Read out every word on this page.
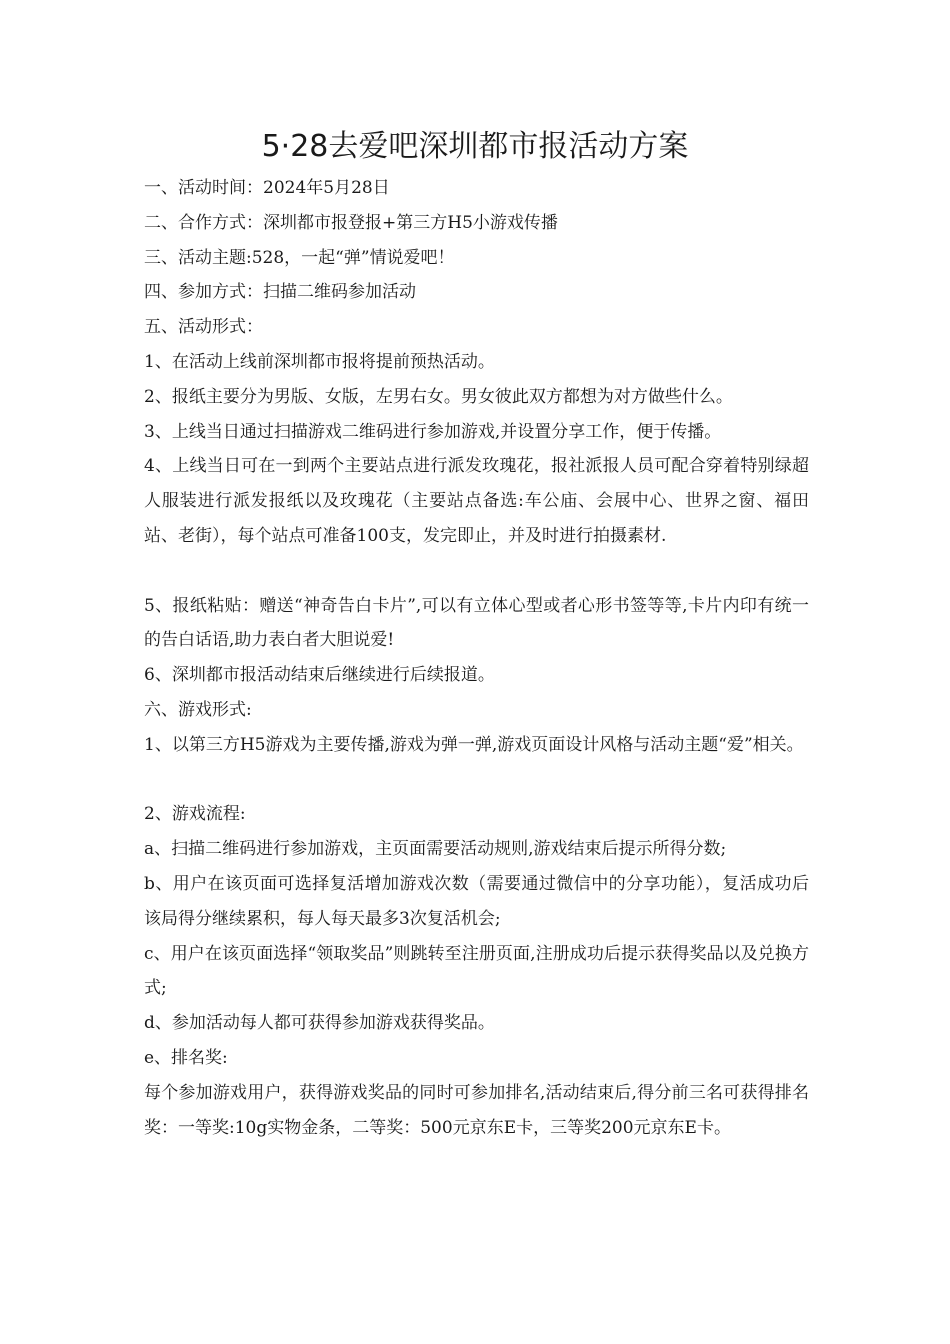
5·28去爱吧深圳都市报活动方案
一、活动时间：2024年5月28日
二、合作方式：深圳都市报登报+第三方H5小游戏传播
三、活动主题:528，一起“弹”情说爱吧！
四、参加方式：扫描二维码参加活动
五、活动形式：
1、在活动上线前深圳都市报将提前预热活动。
2、报纸主要分为男版、女版，左男右女。男女彼此双方都想为对方做些什么。
3、上线当日通过扫描游戏二维码进行参加游戏,并设置分享工作，便于传播。
4、上线当日可在一到两个主要站点进行派发玫瑰花，报社派报人员可配合穿着特别绿超人服装进行派发报纸以及玫瑰花（主要站点备选:车公庙、会展中心、世界之窗、福田站、老街），每个站点可准备100支，发完即止，并及时进行拍摄素材.
5、报纸粘贴：赠送“神奇告白卡片”,可以有立体心型或者心形书签等等,卡片内印有统一的告白话语,助力表白者大胆说爱!
6、深圳都市报活动结束后继续进行后续报道。
六、游戏形式:
1、以第三方H5游戏为主要传播,游戏为弹一弹,游戏页面设计风格与活动主题“爱”相关。
2、游戏流程:
a、扫描二维码进行参加游戏，主页面需要活动规则,游戏结束后提示所得分数;
b、用户在该页面可选择复活增加游戏次数（需要通过微信中的分享功能），复活成功后该局得分继续累积，每人每天最多3次复活机会;
c、用户在该页面选择“领取奖品”则跳转至注册页面,注册成功后提示获得奖品以及兑换方式;
d、参加活动每人都可获得参加游戏获得奖品。
e、排名奖:
每个参加游戏用户，获得游戏奖品的同时可参加排名,活动结束后,得分前三名可获得排名奖：一等奖:10g实物金条，二等奖：500元京东E卡，三等奖200元京东E卡。
